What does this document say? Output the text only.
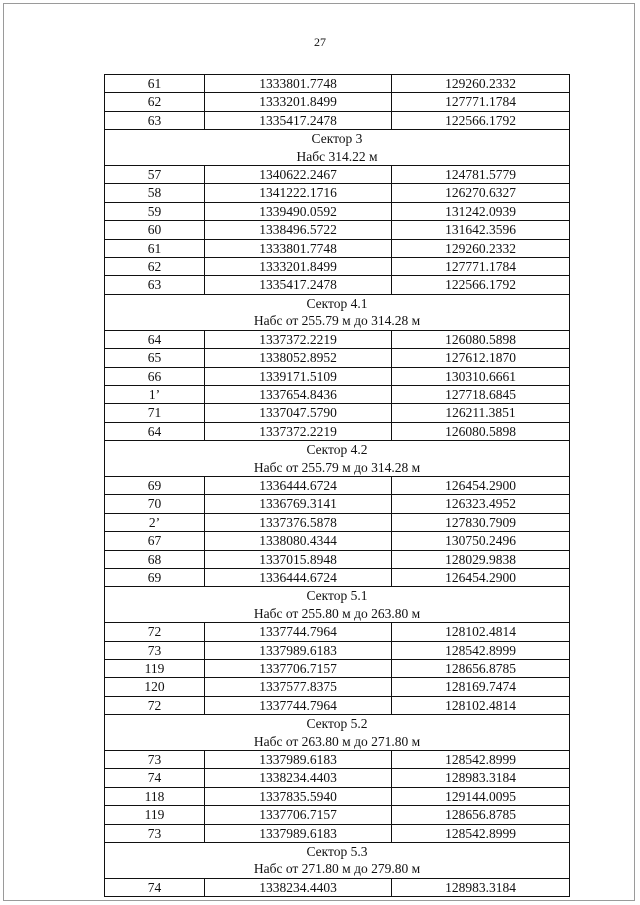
27
61	1333801.7748	129260.2332
62	1333201.8499	127771.1784
63	1335417.2478	122566.1792
Сектор 3		
Набс 314.22 м		
57	1340622.2467	124781.5779
58	1341222.1716	126270.6327
59	1339490.0592	131242.0939
60	1338496.5722	131642.3596
61	1333801.7748	129260.2332
62	1333201.8499	127771.1784
63	1335417.2478	122566.1792
Сектор 4.1		
Набс от 255.79 м до 314.28 м		
64	1337372.2219	126080.5898
65	1338052.8952	127612.1870
66	1339171.5109	130310.6661
1’	1337654.8436	127718.6845
71	1337047.5790	126211.3851
64	1337372.2219	126080.5898
Сектор 4.2		
Набс от 255.79 м до 314.28 м		
69	1336444.6724	126454.2900
70	1336769.3141	126323.4952
2’	1337376.5878	127830.7909
67	1338080.4344	130750.2496
68	1337015.8948	128029.9838
69	1336444.6724	126454.2900
Сектор 5.1		
Набс от 255.80 м до 263.80 м		
72	1337744.7964	128102.4814
73	1337989.6183	128542.8999
119	1337706.7157	128656.8785
120	1337577.8375	128169.7474
72	1337744.7964	128102.4814
Сектор 5.2		
Набс от 263.80 м до 271.80 м		
73	1337989.6183	128542.8999
74	1338234.4403	128983.3184
118	1337835.5940	129144.0095
119	1337706.7157	128656.8785
73	1337989.6183	128542.8999
Сектор 5.3		
Набс от 271.80 м до 279.80 м		
74	1338234.4403	128983.3184
